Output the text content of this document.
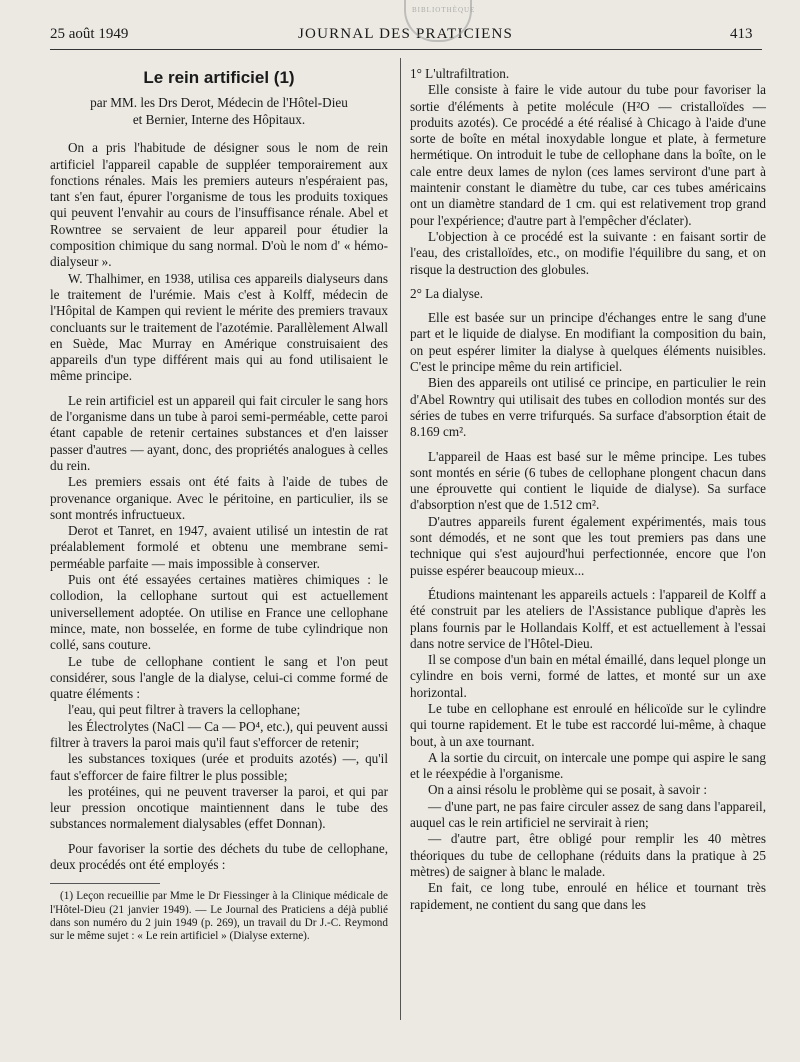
25 août 1949	JOURNAL DES PRATICIENS	413
BIBLIOTHÈQUE
Le rein artificiel (1)
par MM. les Drs Derot, Médecin de l'Hôtel-Dieu
et Bernier, Interne des Hôpitaux.

On a pris l'habitude de désigner sous le nom de rein artificiel l'appareil capable de suppléer temporairement aux fonctions rénales. Mais les premiers auteurs n'espéraient pas, tant s'en faut, épurer l'organisme de tous les produits toxiques qui peuvent l'envahir au cours de l'insuffisance rénale. Abel et Rowntree se servaient de leur appareil pour étudier la composition chimique du sang normal. D'où le nom d' « hémo-dialyseur ».

W. Thalhimer, en 1938, utilisa ces appareils dialyseurs dans le traitement de l'urémie. Mais c'est à Kolff, médecin de l'Hôpital de Kampen qui revient le mérite des premiers travaux concluants sur le traitement de l'azotémie. Parallèlement Alwall en Suède, Mac Murray en Amérique construisaient des appareils d'un type différent mais qui au fond utilisaient le même principe.

Le rein artificiel est un appareil qui fait circuler le sang hors de l'organisme dans un tube à paroi semi-perméable, cette paroi étant capable de retenir certaines substances et d'en laisser passer d'autres — ayant, donc, des propriétés analogues à celles du rein.

Les premiers essais ont été faits à l'aide de tubes de provenance organique. Avec le péritoine, en particulier, ils se sont montrés infructueux.

Derot et Tanret, en 1947, avaient utilisé un intestin de rat préalablement formolé et obtenu une membrane semi-perméable parfaite — mais impossible à conserver.

Puis ont été essayées certaines matières chimiques : le collodion, la cellophane surtout qui est actuellement universellement adoptée. On utilise en France une cellophane mince, mate, non bosselée, en forme de tube cylindrique non collé, sans couture.

Le tube de cellophane contient le sang et l'on peut considérer, sous l'angle de la dialyse, celui-ci comme formé de quatre éléments :

l'eau, qui peut filtrer à travers la cellophane;

les Électrolytes (NaCl — Ca — PO⁴, etc.), qui peuvent aussi filtrer à travers la paroi mais qu'il faut s'efforcer de retenir;

les substances toxiques (urée et produits azotés) —, qu'il faut s'efforcer de faire filtrer le plus possible;

les protéines, qui ne peuvent traverser la paroi, et qui par leur pression oncotique maintiennent dans le tube des substances normalement dialysables (effet Donnan).

Pour favoriser la sortie des déchets du tube de cellophane, deux procédés ont été employés :

(1) Leçon recueillie par Mme le Dr Fiessinger à la Clinique médicale de l'Hôtel-Dieu (21 janvier 1949). — Le Journal des Praticiens a déjà publié dans son numéro du 2 juin 1949 (p. 269), un travail du Dr J.-C. Reymond sur le même sujet : « Le rein artificiel » (Dialyse externe).

1° L'ultrafiltration.

Elle consiste à faire le vide autour du tube pour favoriser la sortie d'éléments à petite molécule (H²O — cristalloïdes — produits azotés). Ce procédé a été réalisé à Chicago à l'aide d'une sorte de boîte en métal inoxydable longue et plate, à fermeture hermétique. On introduit le tube de cellophane dans la boîte, on le cale entre deux lames de nylon (ces lames serviront d'une part à maintenir constant le diamètre du tube, car ces tubes américains ont un diamètre standard de 1 cm. qui est relativement trop grand pour l'expérience; d'autre part à l'empêcher d'éclater).

L'objection à ce procédé est la suivante : en faisant sortir de l'eau, des cristalloïdes, etc., on modifie l'équilibre du sang, et on risque la destruction des globules.

2° La dialyse.

Elle est basée sur un principe d'échanges entre le sang d'une part et le liquide de dialyse. En modifiant la composition du bain, on peut espérer limiter la dialyse à quelques éléments nuisibles. C'est le principe même du rein artificiel.

Bien des appareils ont utilisé ce principe, en particulier le rein d'Abel Rowntry qui utilisait des tubes en collodion montés sur des séries de tubes en verre trifurqués. Sa surface d'absorption était de 8.169 cm².

L'appareil de Haas est basé sur le même principe. Les tubes sont montés en série (6 tubes de cellophane plongent chacun dans une éprouvette qui contient le liquide de dialyse). Sa surface d'absorption n'est que de 1.512 cm².

D'autres appareils furent également expérimentés, mais tous sont démodés, et ne sont que les tout premiers pas dans une technique qui s'est aujourd'hui perfectionnée, encore que l'on puisse espérer beaucoup mieux...

Étudions maintenant les appareils actuels : l'appareil de Kolff a été construit par les ateliers de l'Assistance publique d'après les plans fournis par le Hollandais Kolff, et est actuellement à l'essai dans notre service de l'Hôtel-Dieu.

Il se compose d'un bain en métal émaillé, dans lequel plonge un cylindre en bois verni, formé de lattes, et monté sur un axe horizontal.

Le tube en cellophane est enroulé en hélicoïde sur le cylindre qui tourne rapidement. Et le tube est raccordé lui-même, à chaque bout, à un axe tournant.

A la sortie du circuit, on intercale une pompe qui aspire le sang et le réexpédie à l'organisme.

On a ainsi résolu le problème qui se posait, à savoir :

— d'une part, ne pas faire circuler assez de sang dans l'appareil, auquel cas le rein artificiel ne servirait à rien;

— d'autre part, être obligé pour remplir les 40 mètres théoriques du tube de cellophane (réduits dans la pratique à 25 mètres) de saigner à blanc le malade.

En fait, ce long tube, enroulé en hélice et tournant très rapidement, ne contient du sang que dans les
